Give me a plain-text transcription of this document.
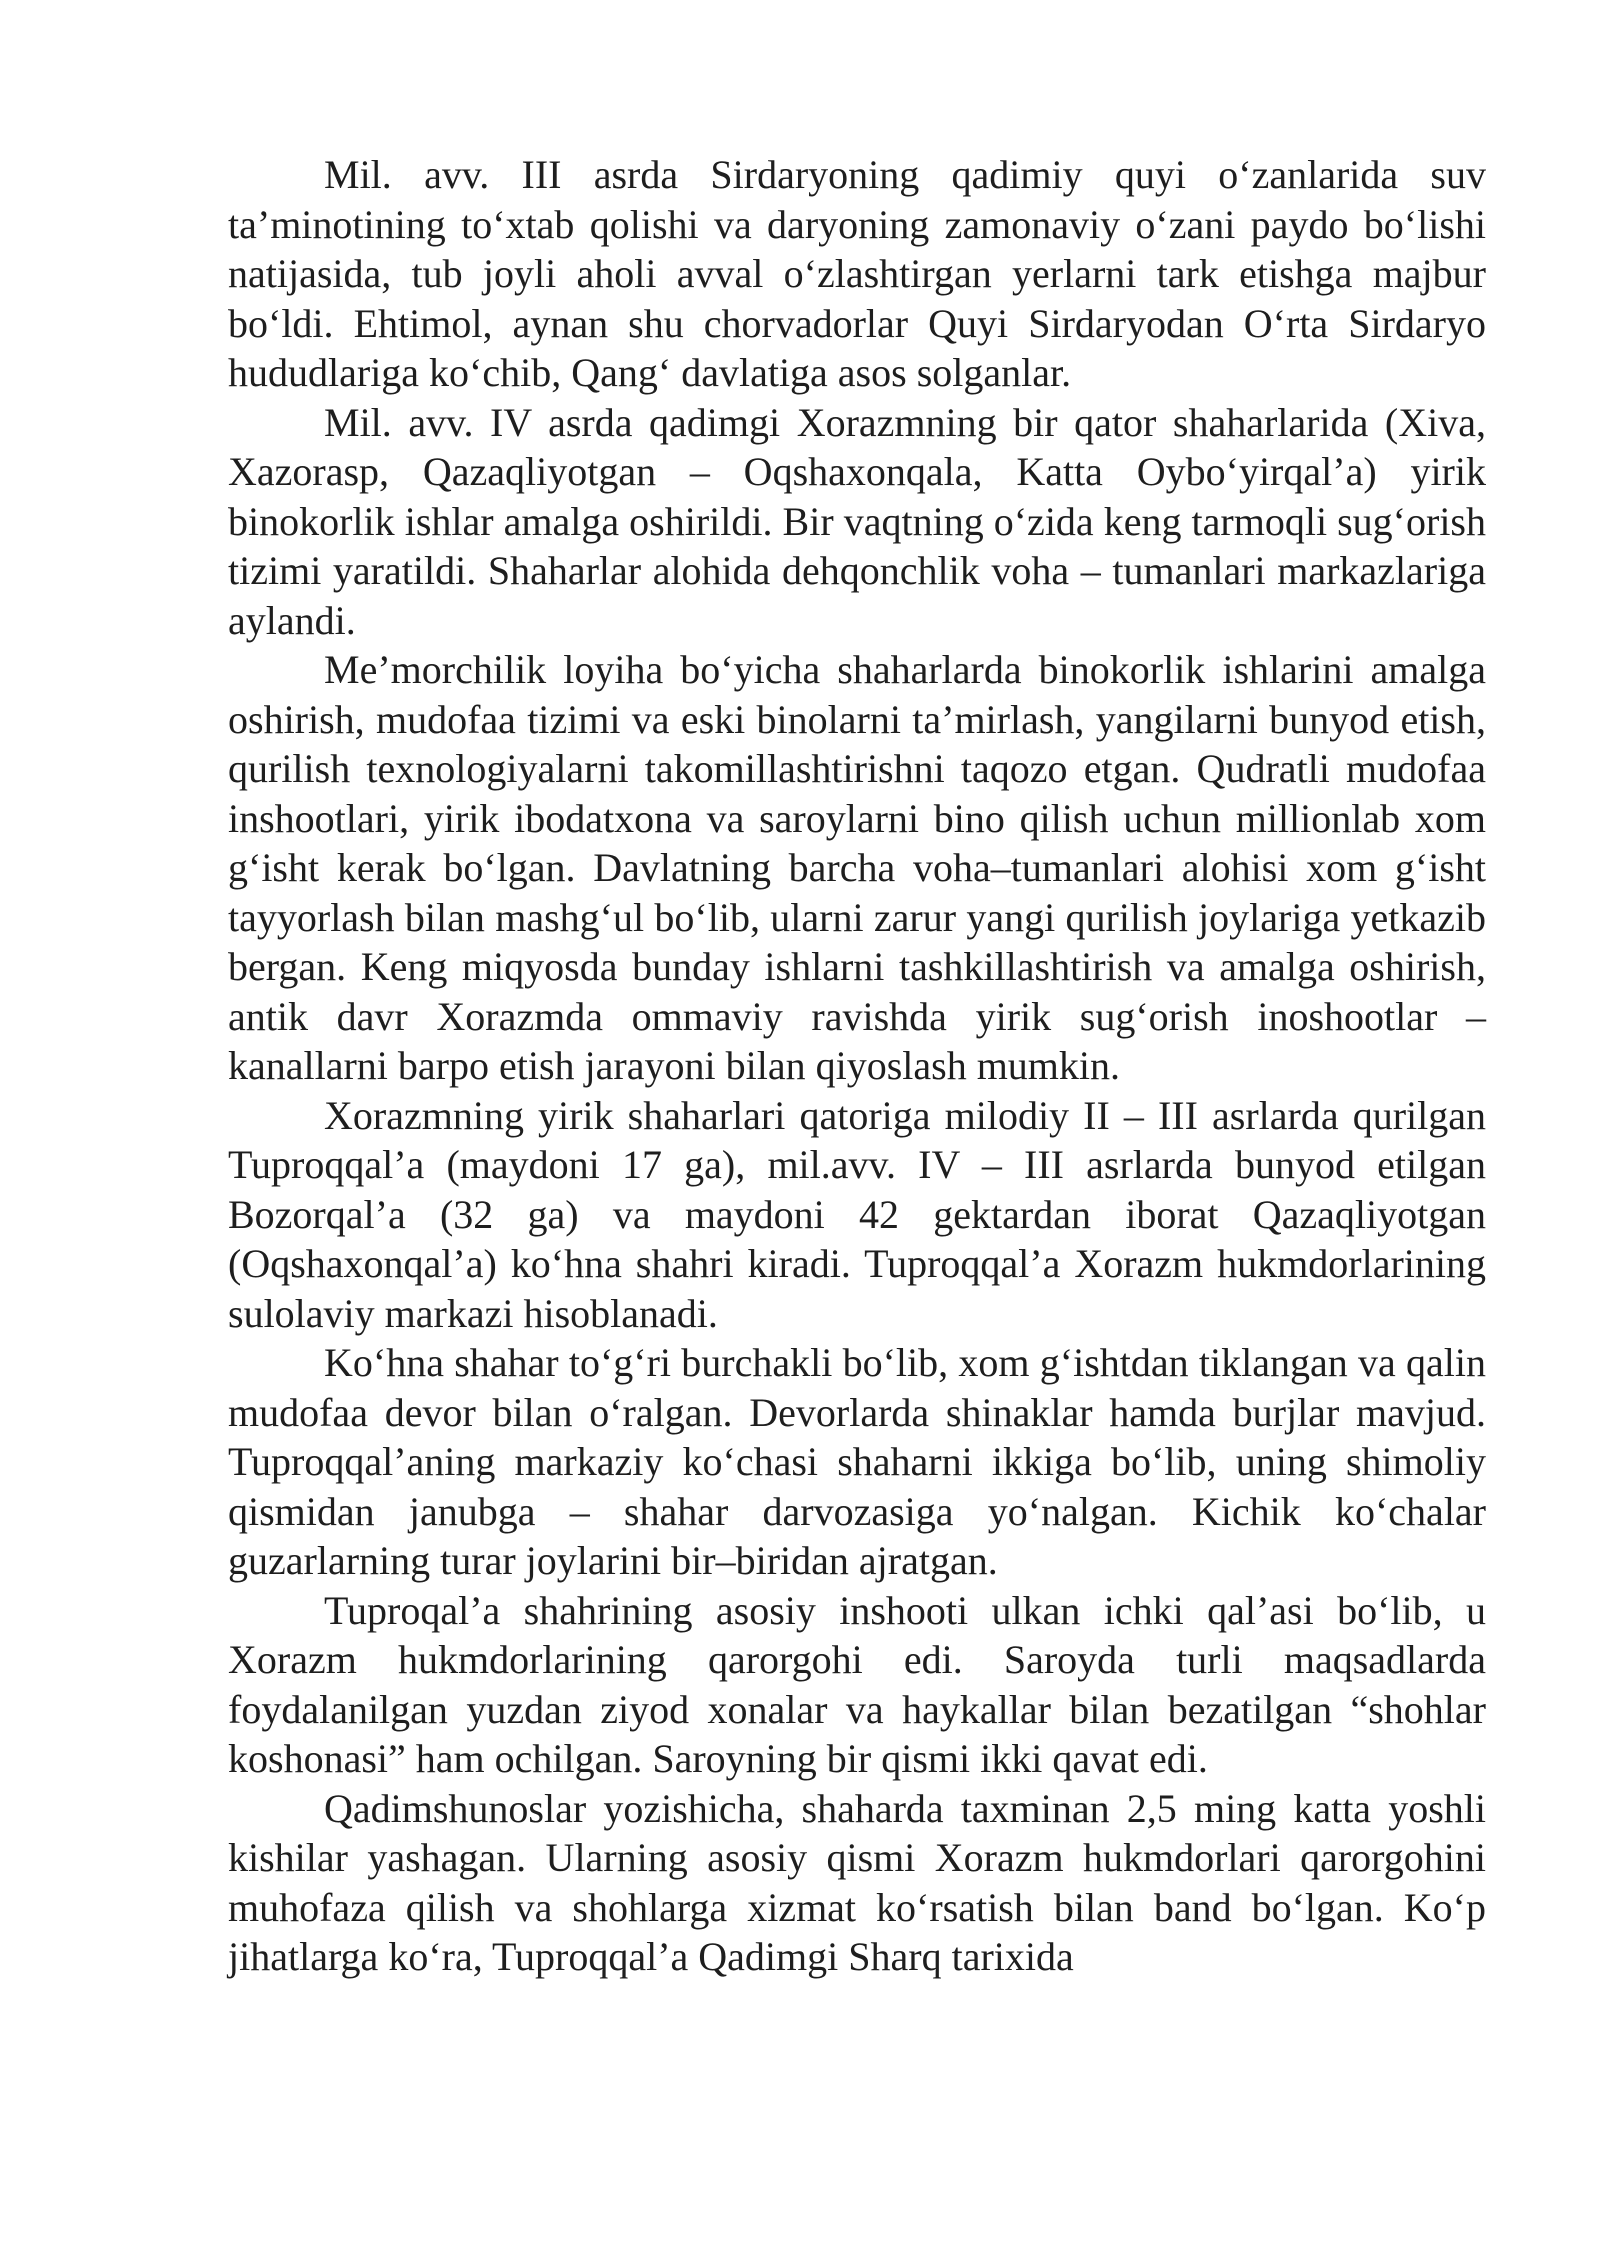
Mil. avv. III asrda Sirdaryoning qadimiy quyi o‘zanlarida suv ta’minotining to‘xtab qolishi va daryoning zamonaviy o‘zani paydo bo‘lishi natijasida, tub joyli aholi avval o‘zlashtirgan yerlarni tark etishga majbur bo‘ldi. Ehtimol, aynan shu chorvadorlar Quyi Sirdaryodan O‘rta Sirdaryo hududlariga ko‘chib, Qang‘ davlatiga asos solganlar.

Mil. avv. IV asrda qadimgi Xorazmning bir qator shaharlarida (Xiva, Xazorasp, Qazaqliyotgan – Oqshaxonqala, Katta Oybo‘yirqal’a) yirik binokorlik ishlar amalga oshirildi. Bir vaqtning o‘zida keng tarmoqli sug‘orish tizimi yaratildi. Shaharlar alohida dehqonchlik voha – tumanlari markazlariga aylandi.

Me’morchilik loyiha bo‘yicha shaharlarda binokorlik ishlarini amalga oshirish, mudofaa tizimi va eski binolarni ta’mirlash, yangilarni bunyod etish, qurilish texnologiyalarni takomillashtirishni taqozo etgan. Qudratli mudofaa inshootlari, yirik ibodatxona va saroylarni bino qilish uchun millionlab xom g‘isht kerak bo‘lgan. Davlatning barcha voha–tumanlari alohisi xom g‘isht tayyorlash bilan mashg‘ul bo‘lib, ularni zarur yangi qurilish joylariga yetkazib bergan. Keng miqyosda bunday ishlarni tashkillashtirish va amalga oshirish, antik davr Xorazmda ommaviy ravishda yirik sug‘orish inoshootlar – kanallarni barpo etish jarayoni bilan qiyoslash mumkin.

Xorazmning yirik shaharlari qatoriga milodiy II – III asrlarda qurilgan Tuproqqal’a (maydoni 17 ga), mil.avv. IV – III asrlarda bunyod etilgan Bozorqal’a (32 ga) va maydoni 42 gektardan iborat Qazaqliyotgan (Oqshaxonqal’a) ko‘hna shahri kiradi. Tuproqqal’a Xorazm hukmdorlarining sulolaviy markazi hisoblanadi.

Ko‘hna shahar to‘g‘ri burchakli bo‘lib, xom g‘ishtdan tiklangan va qalin mudofaa devor bilan o‘ralgan. Devorlarda shinaklar hamda burjlar mavjud. Tuproqqal’aning markaziy ko‘chasi shaharni ikkiga bo‘lib, uning shimoliy qismidan janubga – shahar darvozasiga yo‘nalgan. Kichik ko‘chalar guzarlarning turar joylarini bir–biridan ajratgan.

Tuproqal’a shahrining asosiy inshooti ulkan ichki qal’asi bo‘lib, u Xorazm hukmdorlarining qarorgohi edi. Saroyda turli maqsadlarda foydalanilgan yuzdan ziyod xonalar va haykallar bilan bezatilgan “shohlar koshonasi” ham ochilgan. Saroyning bir qismi ikki qavat edi.

Qadimshunoslar yozishicha, shaharda taxminan 2,5 ming katta yoshli kishilar yashagan. Ularning asosiy qismi Xorazm hukmdorlari qarorgohini muhofaza qilish va shohlarga xizmat ko‘rsatish bilan band bo‘lgan. Ko‘p jihatlarga ko‘ra, Tuproqqal’a Qadimgi Sharq tarixida
